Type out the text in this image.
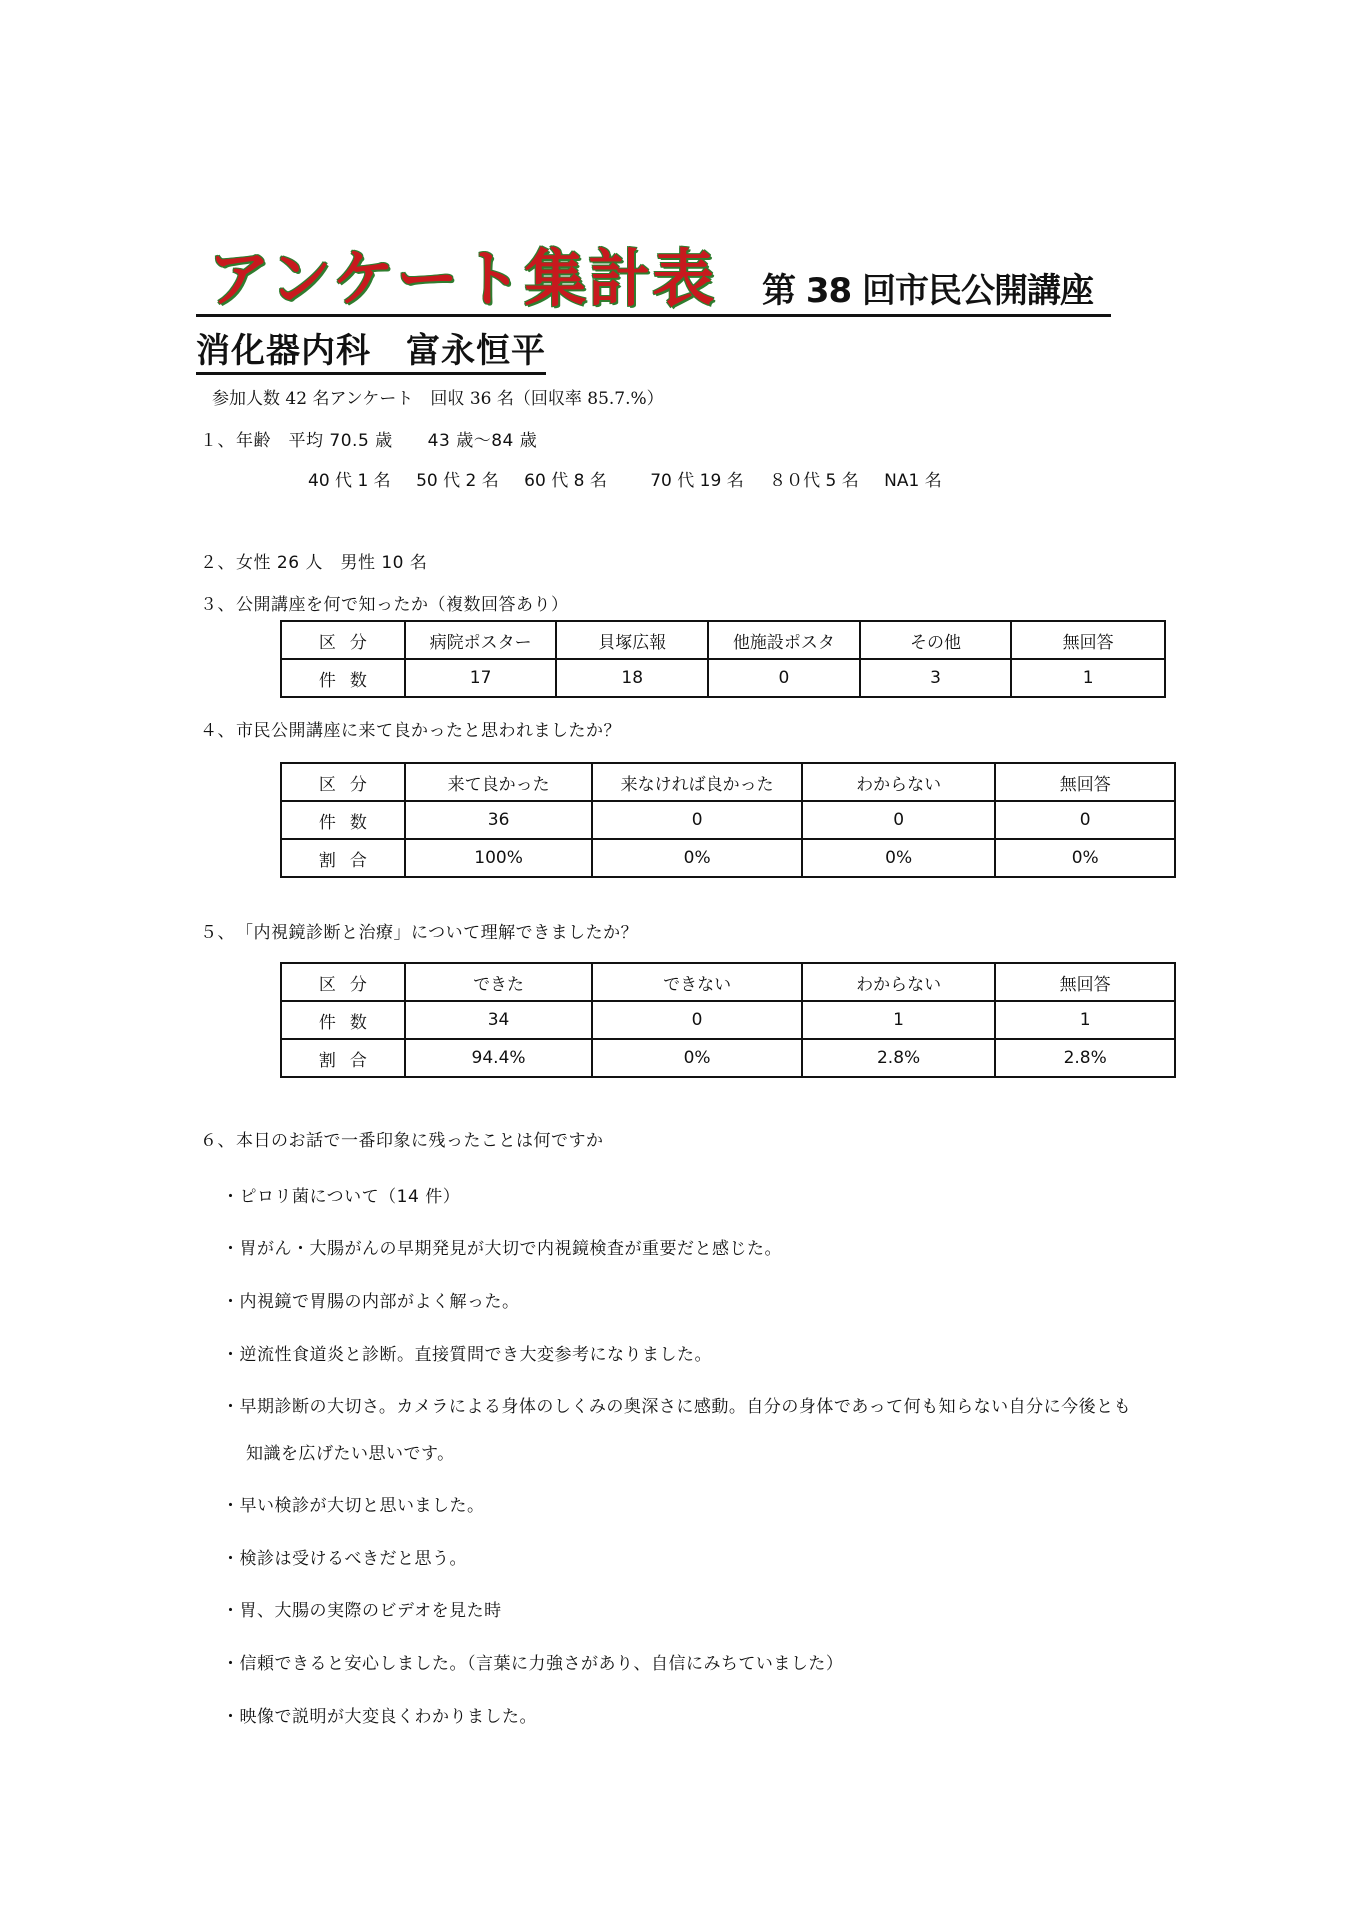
アンケート集計表 第 38 回市民公開講座
消化器内科　富永恒平
参加人数 42 名アンケート　回収 36 名（回収率 85.7.%）
１、年齢　平均 70.5 歳　　43 歳〜84 歳
40 代 1 名 50 代 2 名 60 代 8 名	70 代 19 名 ８０代 5 名 NA1 名
２、女性 26 人　男性 10 名
３、公開講座を何で知ったか（複数回答あり）
区分	病院ポスター	貝塚広報	他施設ポスタ	その他	無回答
件数	17	18	0	3	1
４、市民公開講座に来て良かったと思われましたか？
区分	来て良かった	来なければ良かった	わからない	無回答
件数	36	0	0	0
割合	100%	0%	0%	0%
５、「内視鏡診断と治療」について理解できましたか？
区分	できた	できない	わからない	無回答
件数	34	0	1	1
割合	94.4%	0%	2.8%	2.8%
６、本日のお話で一番印象に残ったことは何ですか
・ピロリ菌について（14 件）
・胃がん・大腸がんの早期発見が大切で内視鏡検査が重要だと感じた。
・内視鏡で胃腸の内部がよく解った。
・逆流性食道炎と診断。直接質問でき大変参考になりました。
・早期診断の大切さ。カメラによる身体のしくみの奥深さに感動。自分の身体であって何も知らない自分に今後とも
知識を広げたい思いです。
・早い検診が大切と思いました。
・検診は受けるべきだと思う。
・胃、大腸の実際のビデオを見た時
・信頼できると安心しました。（言葉に力強さがあり、自信にみちていました）
・映像で説明が大変良くわかりました。
